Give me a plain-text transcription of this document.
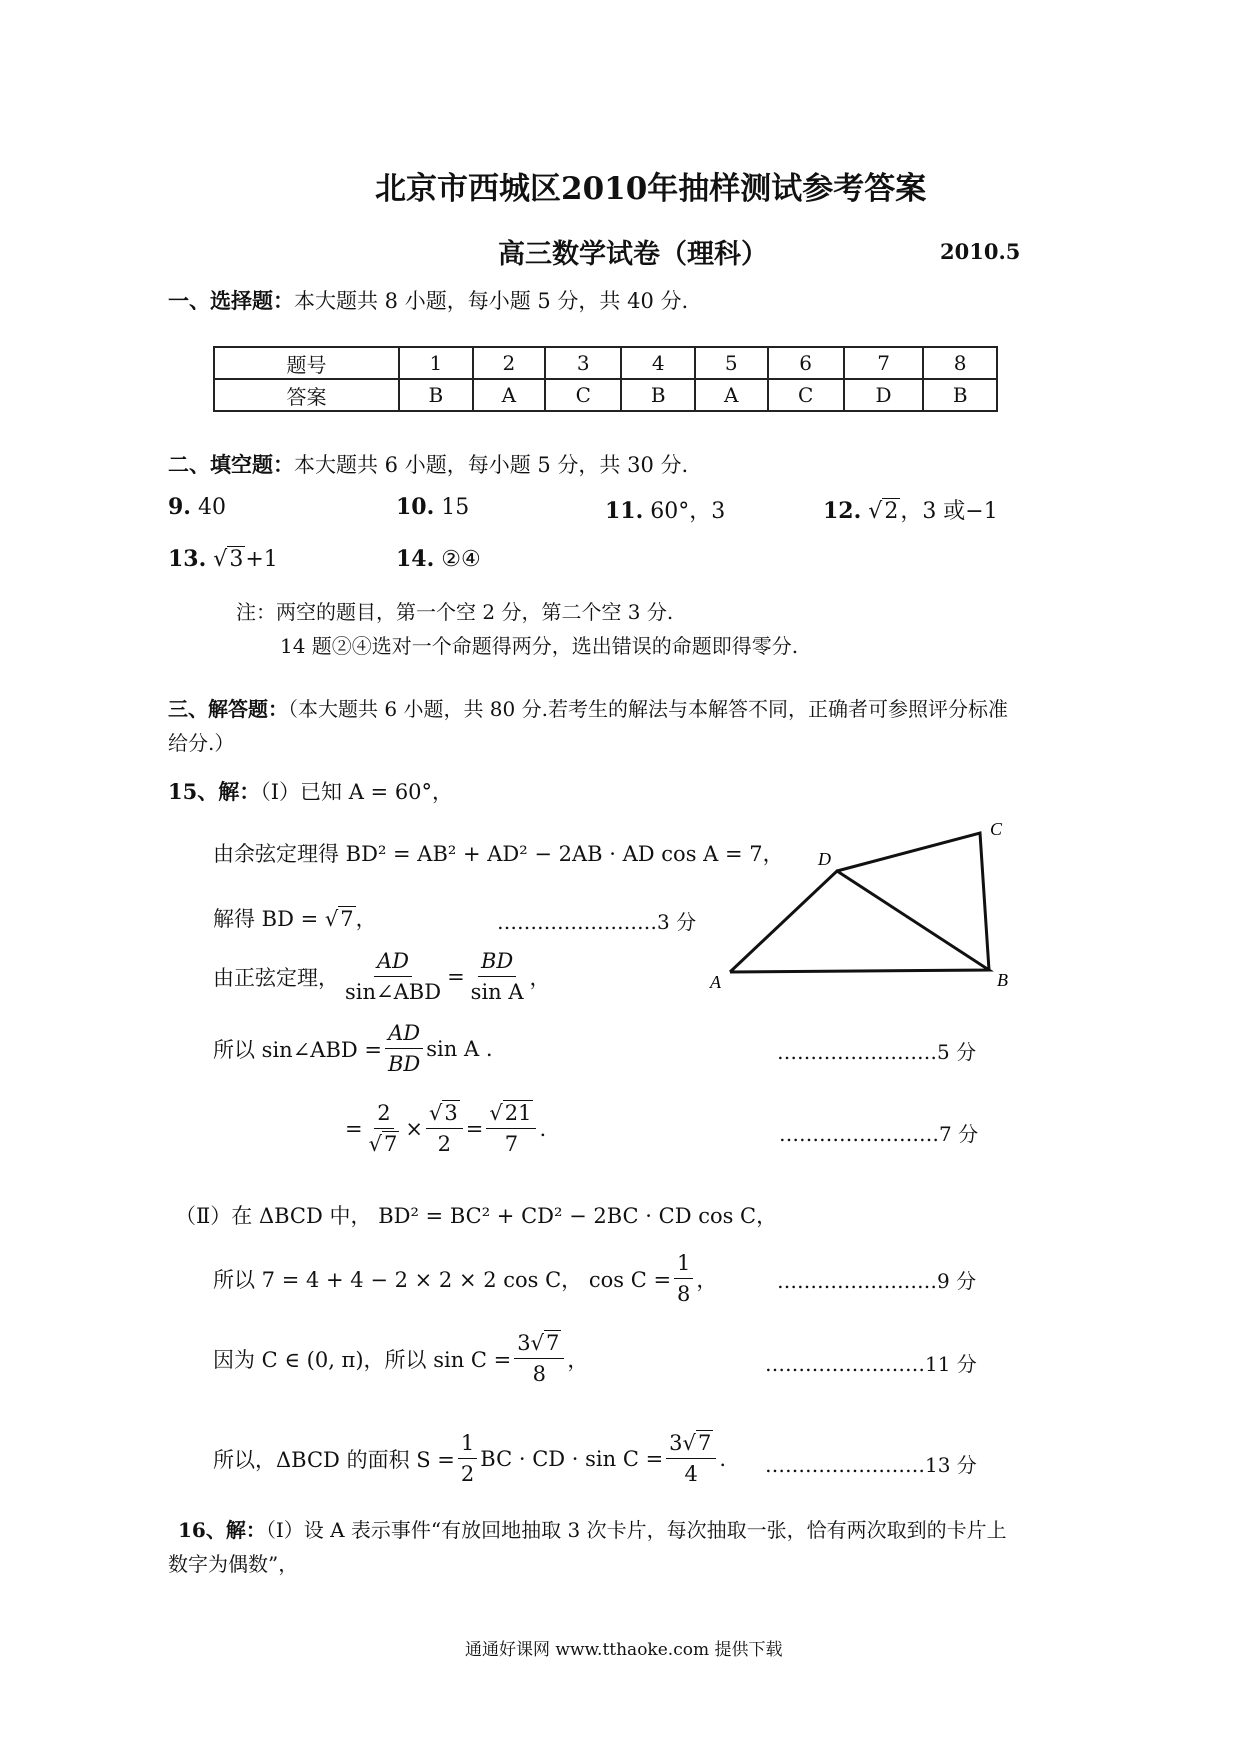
北京市西城区2010年抽样测试参考答案
高三数学试卷（理科）	2010.5
一、选择题：本大题共 8 小题，每小题 5 分，共 40 分.
题号	1	2	3	4	5	6	7	8
答案	B	A	C	B	A	C	D	B
二、填空题：本大题共 6 小题，每小题 5 分，共 30 分.
9. 40	10. 15	11. 60°，3	12. √2，3 或−1
13. √3+1	14. ②④
注：两空的题目，第一个空 2 分，第二个空 3 分.
14 题②④选对一个命题得两分，选出错误的命题即得零分.
三、解答题：（本大题共 6 小题，共 80 分.若考生的解法与本解答不同，正确者可参照评分标准
给分.）
15、解：（Ⅰ）已知 A = 60°，
由余弦定理得 BD² = AB² + AD² − 2AB · AD cos A = 7，
解得 BD = √7，	……………………3 分
由正弦定理， $\frac{AD}{\text{sin∠ABD}} = \frac{BD}{\text{sin A}}$ ，
所以 sin∠ABD = $\frac{AD}{BD}$ sin A .	……………………5 分
= $\frac{2}{√7} \times \frac{√3}{2} = \frac{√21}{7}$ .	……………………7 分
（Ⅱ）在 ΔBCD 中， BD² = BC² + CD² − 2BC · CD cos C，
所以 7 = 4 + 4 − 2 × 2 × 2 cos C， $\cos C = \frac{1}{8}$ ，	……………………9 分
因为 C ∈ (0, π)，所以 $\sin C = \frac{3√7}{8}$ ，	……………………11 分
所以，ΔBCD 的面积 $S = \frac{1}{2}$ BC · CD · $\sin C = \frac{3√7}{4}$ . ……………………13 分
A	B
C
D
16、解：（Ⅰ）设 A 表示事件“有放回地抽取 3 次卡片，每次抽取一张，恰有两次取到的卡片上
数字为偶数”，
通通好课网 www.tthaoke.com 提供下载
